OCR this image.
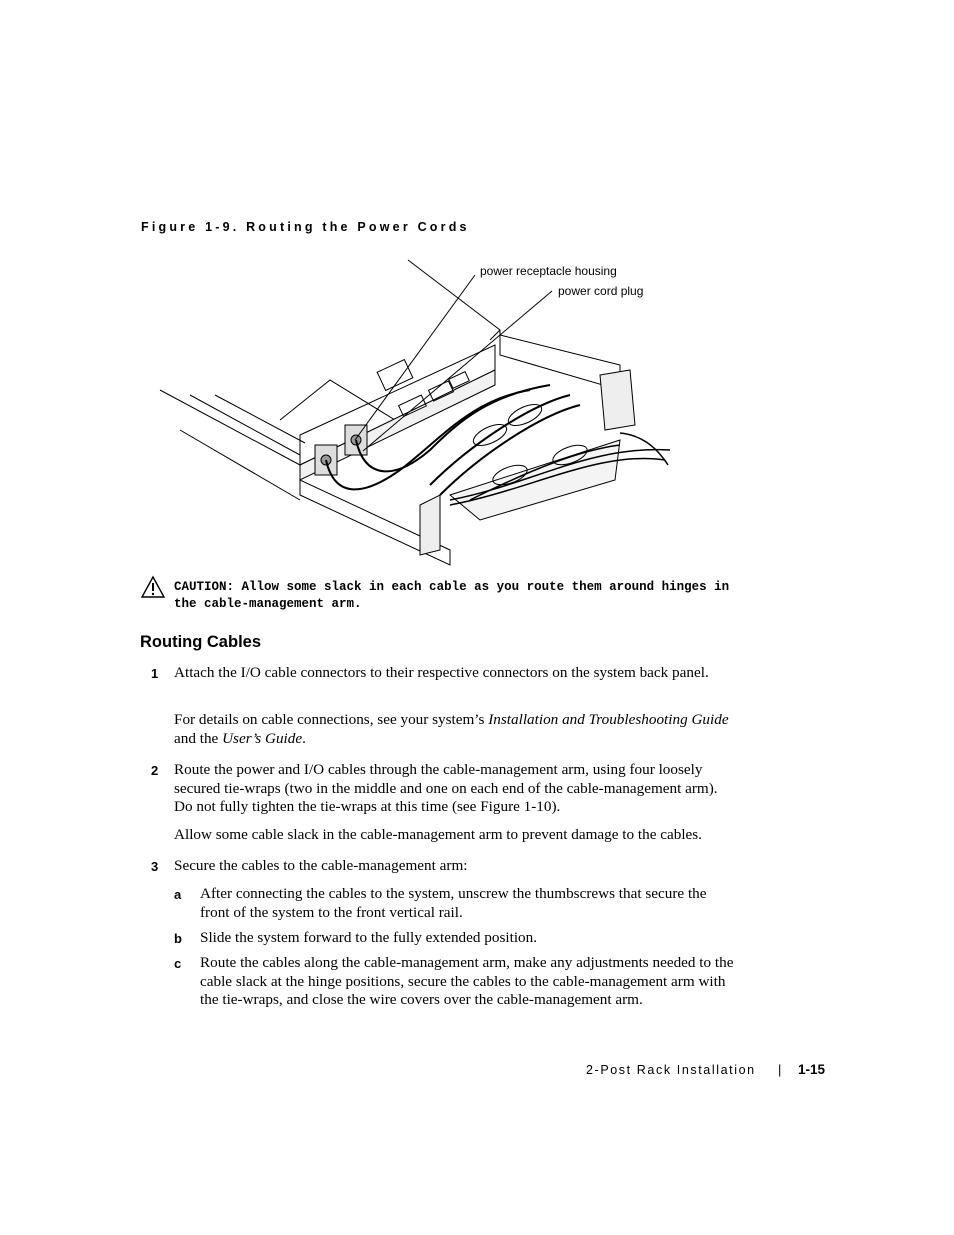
Figure 1-9. Routing the Power Cords
power receptacle housing
power cord plug
CAUTION: Allow some slack in each cable as you route them around hinges in the cable-management arm.
Routing Cables
1 Attach the I/O cable connectors to their respective connectors on the system back panel.
For details on cable connections, see your system’s Installation and Troubleshooting Guide and the User’s Guide.
2 Route the power and I/O cables through the cable-management arm, using four loosely secured tie-wraps (two in the middle and one on each end of the cable-management arm). Do not fully tighten the tie-wraps at this time (see Figure 1-10).
Allow some cable slack in the cable-management arm to prevent damage to the cables.
3 Secure the cables to the cable-management arm:
a After connecting the cables to the system, unscrew the thumbscrews that secure the front of the system to the front vertical rail.
b Slide the system forward to the fully extended position.
c Route the cables along the cable-management arm, make any adjustments needed to the cable slack at the hinge positions, secure the cables to the cable-management arm with the tie-wraps, and close the wire covers over the cable-management arm.
2-Post Rack Installation | 1-15
